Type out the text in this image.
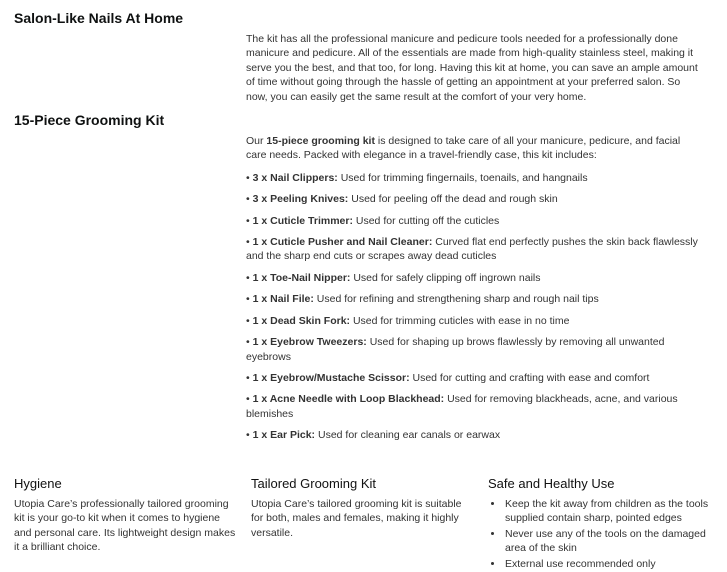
Salon-Like Nails At Home

The kit has all the professional manicure and pedicure tools needed for a professionally done manicure and pedicure. All of the essentials are made from high-quality stainless steel, making it serve you the best, and that too, for long. Having this kit at home, you can save an ample amount of time without going through the hassle of getting an appointment at your preferred salon. So now, you can easily get the same result at the comfort of your very home.

15-Piece Grooming Kit

Our 15-piece grooming kit is designed to take care of all your manicure, pedicure, and facial care needs. Packed with elegance in a travel-friendly case, this kit includes:

• 3 x Nail Clippers: Used for trimming fingernails, toenails, and hangnails

• 3 x Peeling Knives: Used for peeling off the dead and rough skin

• 1 x Cuticle Trimmer: Used for cutting off the cuticles

• 1 x Cuticle Pusher and Nail Cleaner: Curved flat end perfectly pushes the skin back flawlessly and the sharp end cuts or scrapes away dead cuticles

• 1 x Toe-Nail Nipper: Used for safely clipping off ingrown nails

• 1 x Nail File: Used for refining and strengthening sharp and rough nail tips

• 1 x Dead Skin Fork: Used for trimming cuticles with ease in no time

• 1 x Eyebrow Tweezers: Used for shaping up brows flawlessly by removing all unwanted eyebrows

• 1 x Eyebrow/Mustache Scissor: Used for cutting and crafting with ease and comfort

• 1 x Acne Needle with Loop Blackhead: Used for removing blackheads, acne, and various blemishes

• 1 x Ear Pick: Used for cleaning ear canals or earwax

Hygiene

Utopia Care’s professionally tailored grooming kit is your go-to kit when it comes to hygiene and personal care. Its lightweight design makes it a brilliant choice.

Tailored Grooming Kit

Utopia Care’s tailored grooming kit is suitable for both, males and females, making it highly versatile.

Safe and Healthy Use
• Keep the kit away from children as the tools supplied contain sharp, pointed edges
• Never use any of the tools on the damaged area of the skin
• External use recommended only
